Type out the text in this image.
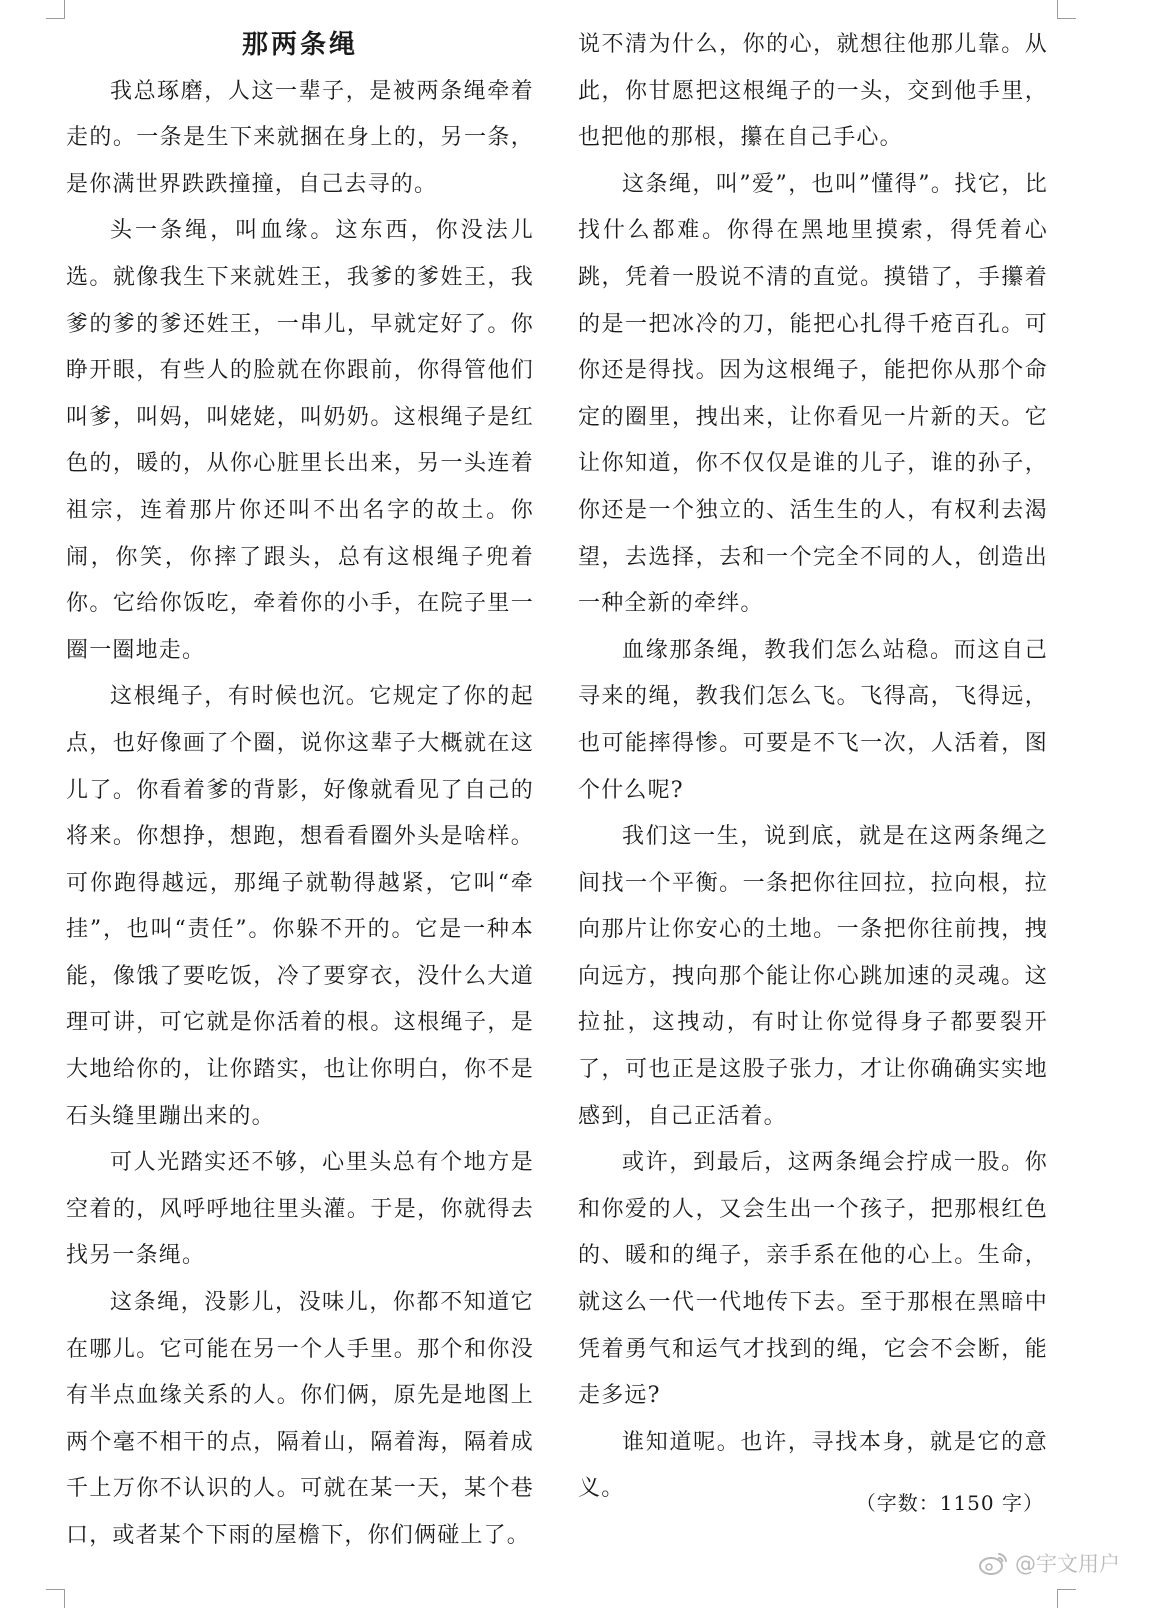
那两条绳

我总琢磨，人这一辈子，是被两条绳牵着走的。一条是生下来就捆在身上的，另一条，是你满世界跌跌撞撞，自己去寻的。

头一条绳，叫血缘。这东西，你没法儿选。就像我生下来就姓王，我爹的爹姓王，我爹的爹的爹还姓王，一串儿，早就定好了。你睁开眼，有些人的脸就在你跟前，你得管他们叫爹，叫妈，叫姥姥，叫奶奶。这根绳子是红色的，暖的，从你心脏里长出来，另一头连着祖宗，连着那片你还叫不出名字的故土。你闹，你笑，你摔了跟头，总有这根绳子兜着你。它给你饭吃，牵着你的小手，在院子里一圈一圈地走。

这根绳子，有时候也沉。它规定了你的起点，也好像画了个圈，说你这辈子大概就在这儿了。你看着爹的背影，好像就看见了自己的将来。你想挣，想跑，想看看圈外头是啥样。可你跑得越远，那绳子就勒得越紧，它叫“牵挂”，也叫“责任”。你躲不开的。它是一种本能，像饿了要吃饭，冷了要穿衣，没什么大道理可讲，可它就是你活着的根。这根绳子，是大地给你的，让你踏实，也让你明白，你不是石头缝里蹦出来的。

可人光踏实还不够，心里头总有个地方是空着的，风呼呼地往里头灌。于是，你就得去找另一条绳。

这条绳，没影儿，没味儿，你都不知道它在哪儿。它可能在另一个人手里。那个和你没有半点血缘关系的人。你们俩，原先是地图上两个毫不相干的点，隔着山，隔着海，隔着成千上万你不认识的人。可就在某一天，某个巷口，或者某个下雨的屋檐下，你们俩碰上了。

说不清为什么，你的心，就想往他那儿靠。从此，你甘愿把这根绳子的一头，交到他手里，也把他的那根，攥在自己手心。

这条绳，叫”爱”，也叫”懂得”。找它，比找什么都难。你得在黑地里摸索，得凭着心跳，凭着一股说不清的直觉。摸错了，手攥着的是一把冰冷的刀，能把心扎得千疮百孔。可你还是得找。因为这根绳子，能把你从那个命定的圈里，拽出来，让你看见一片新的天。它让你知道，你不仅仅是谁的儿子，谁的孙子，你还是一个独立的、活生生的人，有权利去渴望，去选择，去和一个完全不同的人，创造出一种全新的牵绊。

血缘那条绳，教我们怎么站稳。而这自己寻来的绳，教我们怎么飞。飞得高，飞得远，也可能摔得惨。可要是不飞一次，人活着，图个什么呢?

我们这一生，说到底，就是在这两条绳之间找一个平衡。一条把你往回拉，拉向根，拉向那片让你安心的土地。一条把你往前拽，拽向远方，拽向那个能让你心跳加速的灵魂。这拉扯，这拽动，有时让你觉得身子都要裂开了，可也正是这股子张力，才让你确确实实地感到，自己正活着。

或许，到最后，这两条绳会拧成一股。你和你爱的人，又会生出一个孩子，把那根红色的、暖和的绳子，亲手系在他的心上。生命，就这么一代一代地传下去。至于那根在黑暗中凭着勇气和运气才找到的绳，它会不会断，能走多远?

谁知道呢。也许，寻找本身，就是它的意义。

（字数：1150 字）
@宇文用户
